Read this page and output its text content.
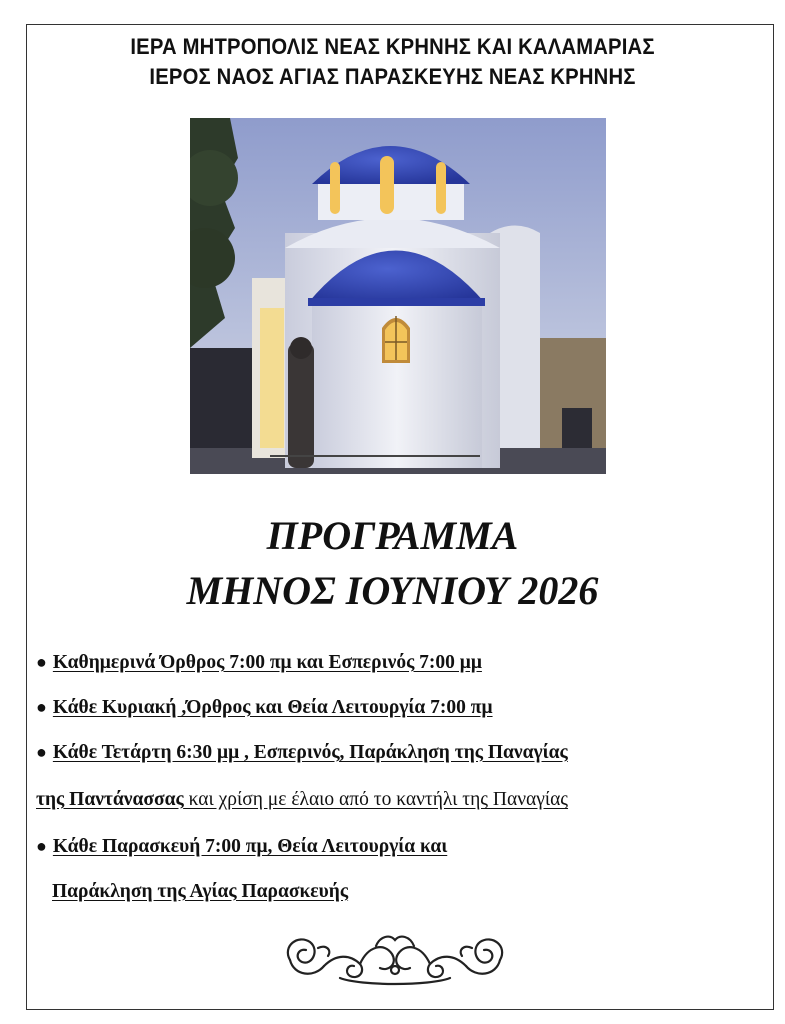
ΙΕΡΑ ΜΗΤΡΟΠΟΛΙΣ ΝΕΑΣ ΚΡΗΝΗΣ ΚΑΙ ΚΑΛΑΜΑΡΙΑΣ
ΙΕΡΟΣ ΝΑΟΣ ΑΓΙΑΣ ΠΑΡΑΣΚΕΥΗΣ ΝΕΑΣ ΚΡΗΝΗΣ
ΠΡΟΓΡΑΜΜΑ
ΜΗΝΟΣ ΙΟΥΝΙΟΥ 2026
● Καθημερινά Όρθρος 7:00 πμ και Εσπερινός 7:00 μμ
● Κάθε Κυριακή ,Όρθρος και Θεία Λειτουργία 7:00 πμ
● Κάθε Τετάρτη 6:30 μμ , Εσπερινός, Παράκληση της Παναγίας
της Παντάνασσας και χρίση με έλαιο από το καντήλι της Παναγίας
● Κάθε Παρασκευή 7:00 πμ, Θεία Λειτουργία και
Παράκληση της Αγίας Παρασκευής
